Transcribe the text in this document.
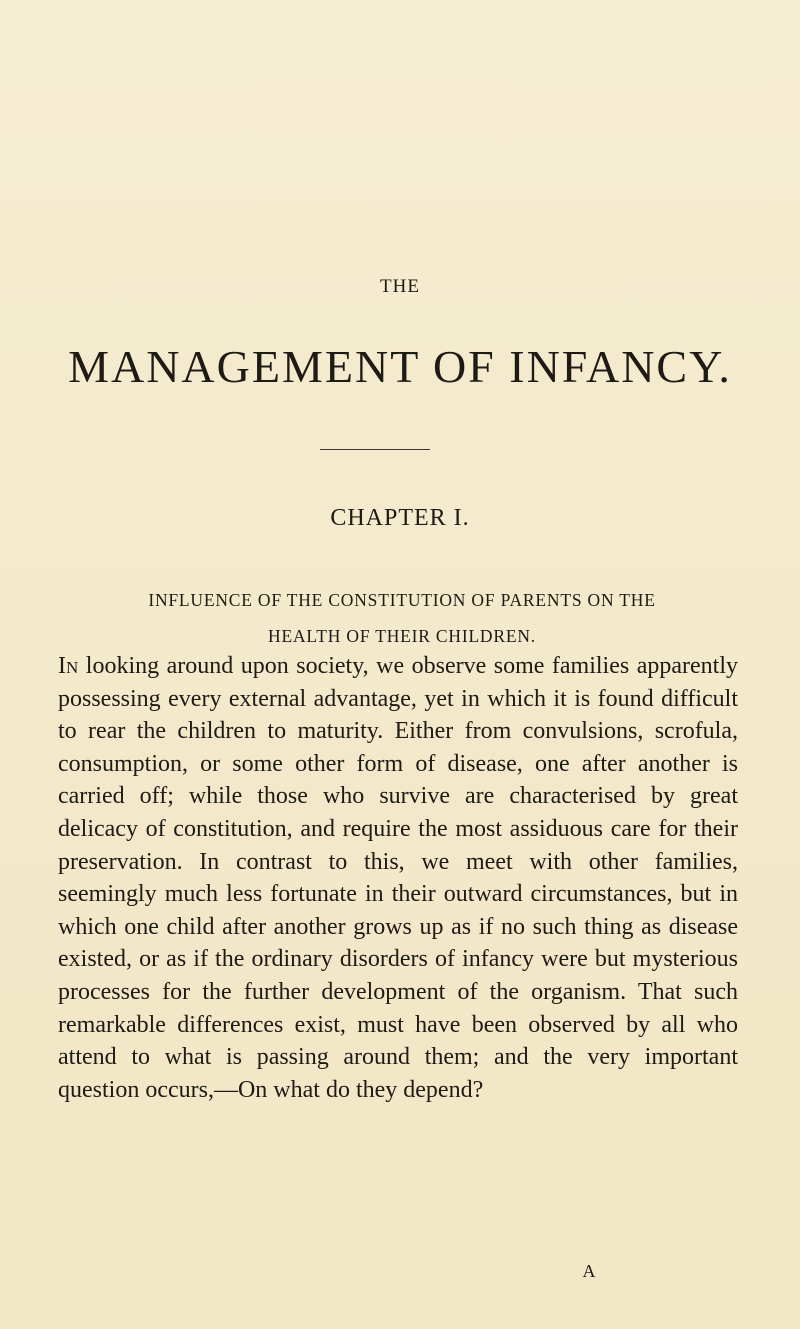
THE
MANAGEMENT OF INFANCY.
CHAPTER I.
INFLUENCE OF THE CONSTITUTION OF PARENTS ON THE
HEALTH OF THEIR CHILDREN.
In looking around upon society, we observe some families apparently possessing every external advantage, yet in which it is found difficult to rear the children to maturity. Either from convulsions, scrofula, consumption, or some other form of disease, one after another is carried off; while those who survive are characterised by great delicacy of constitution, and require the most assiduous care for their preservation. In contrast to this, we meet with other families, seemingly much less fortunate in their outward circumstances, but in which one child after another grows up as if no such thing as disease existed, or as if the ordinary disorders of infancy were but mysterious processes for the further development of the organism. That such remarkable differences exist, must have been observed by all who attend to what is passing around them; and the very important question occurs,—On what do they depend?
A
